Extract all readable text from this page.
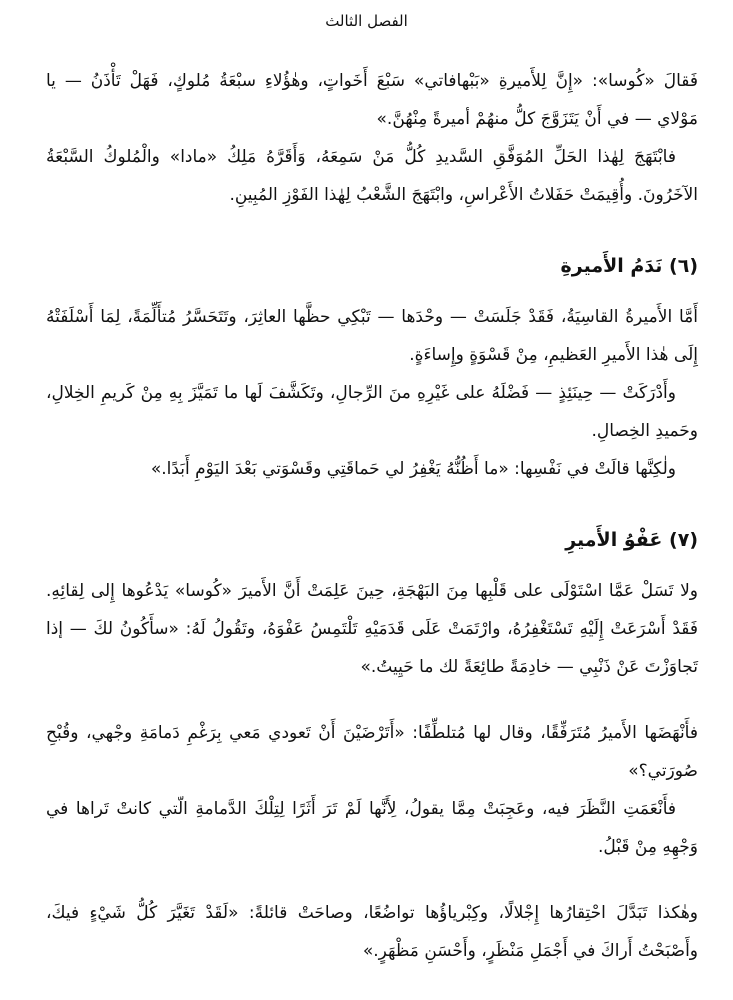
الفصل الثالث

فَقالَ «كُوسا»: «إِنَّ لِلأَميرةِ «بَبْهافاتي» سَبْعَ أَخَواتٍ، وهٰؤُلاءِ سبْعَةُ مُلوكٍ، فَهَلْ تَأْذَنُ — يا مَوْلاي — في أَنْ يَتَزَوَّجَ كلُّ منهُمْ أميرةً مِنْهُنَّ.»

فابْتَهَجَ لِهٰذا الحَلِّ المُوَفَّقِ السَّديدِ كُلُّ مَنْ سَمِعَهُ، وَأَقَرَّهُ مَلِكُ «مادا» والْمُلوكُ السَّبْعَةُ الآخَرُونَ. وأُقِيمَتْ حَفَلاتُ الأَعْراسِ، وابْتَهَجَ الشَّعْبُ لِهٰذا الفَوْزِ المُبِينِ.

(٦) نَدَمُ الأَميرةِ

أَمَّا الأَميرةُ القاسِيَةُ، فَقَدْ جَلَسَتْ — وحْدَها — تَبْكِي حظَّها العاثِرَ، وتَتَحَسَّرُ مُتأَلِّمَةً، لِمَا أَسْلَفَتْهُ إِلَى هٰذا الأَميرِ العَظيمِ، مِنْ قَسْوَةٍ وإِساءَةٍ.

وأَدْرَكَتْ — حِينَئِذٍ — فَضْلَهُ على غَيْرِهِ منَ الرِّجالِ، وتَكَشَّفَ لَها ما تَمَيَّزَ بِهِ مِنْ كَريمِ الخِلالِ، وحَميدِ الخِصالِ.

ولٰكِنَّها قالَتْ في نَفْسِها: «ما أَظُنُّهُ يَغْفِرُ لي حَماقَتِي وقَسْوَتي بَعْدَ اليَوْمِ أَبَدًا.»

(٧) عَفْوُ الأَميرِ

ولا تَسَلْ عَمَّا اسْتَوْلَى على قَلْبِها مِنَ البَهْجَةِ، حِينَ عَلِمَتْ أَنَّ الأَميرَ «كُوسا» يَدْعُوها إِلى لِقائِهِ. فَقَدْ أَسْرَعَتْ إِلَيْهِ تَسْتَغْفِرُهُ، وارْتَمَتْ عَلَى قَدَمَيْهِ تَلْتَمِسُ عَفْوَهُ، وتَقُولُ لَهُ: «سأَكُونُ لكَ — إذا تَجاوَزْتَ عَنْ ذَنْبِي — خادِمَةً طائِعَةً لك ما حَيِيتُ.»

فأَنْهَضَها الأَميرُ مُتَرَفِّقًا، وقال لها مُتلطِّفًا: «أَتَرْضَيْنَ أَنْ تَعودي مَعي بِرَغْمِ دَمامَةِ وجْهي، وقُبْحِ صُورَتي؟»

فأَنْعَمَتِ النَّظَرَ فيه، وعَجِبَتْ مِمَّا يقولُ، لِأَنَّها لَمْ تَرَ أَثَرًا لِتِلْكَ الدَّمامةِ الّتي كانتْ تَراها في وَجْهِهِ مِنْ قَبْلُ.

وهٰكذا تَبَدَّلَ احْتِقارُها إِجْلالًا، وكِبْرياؤُها تواضُعًا، وصاحَتْ قائلةً: «لَقَدْ تَغَيَّرَ كُلُّ شَيْءٍ فيكَ، وأَصْبَحْتُ أَراكَ في أَجْمَلِ مَنْظَرٍ، وأَحْسَنِ مَظْهَرٍ.»
